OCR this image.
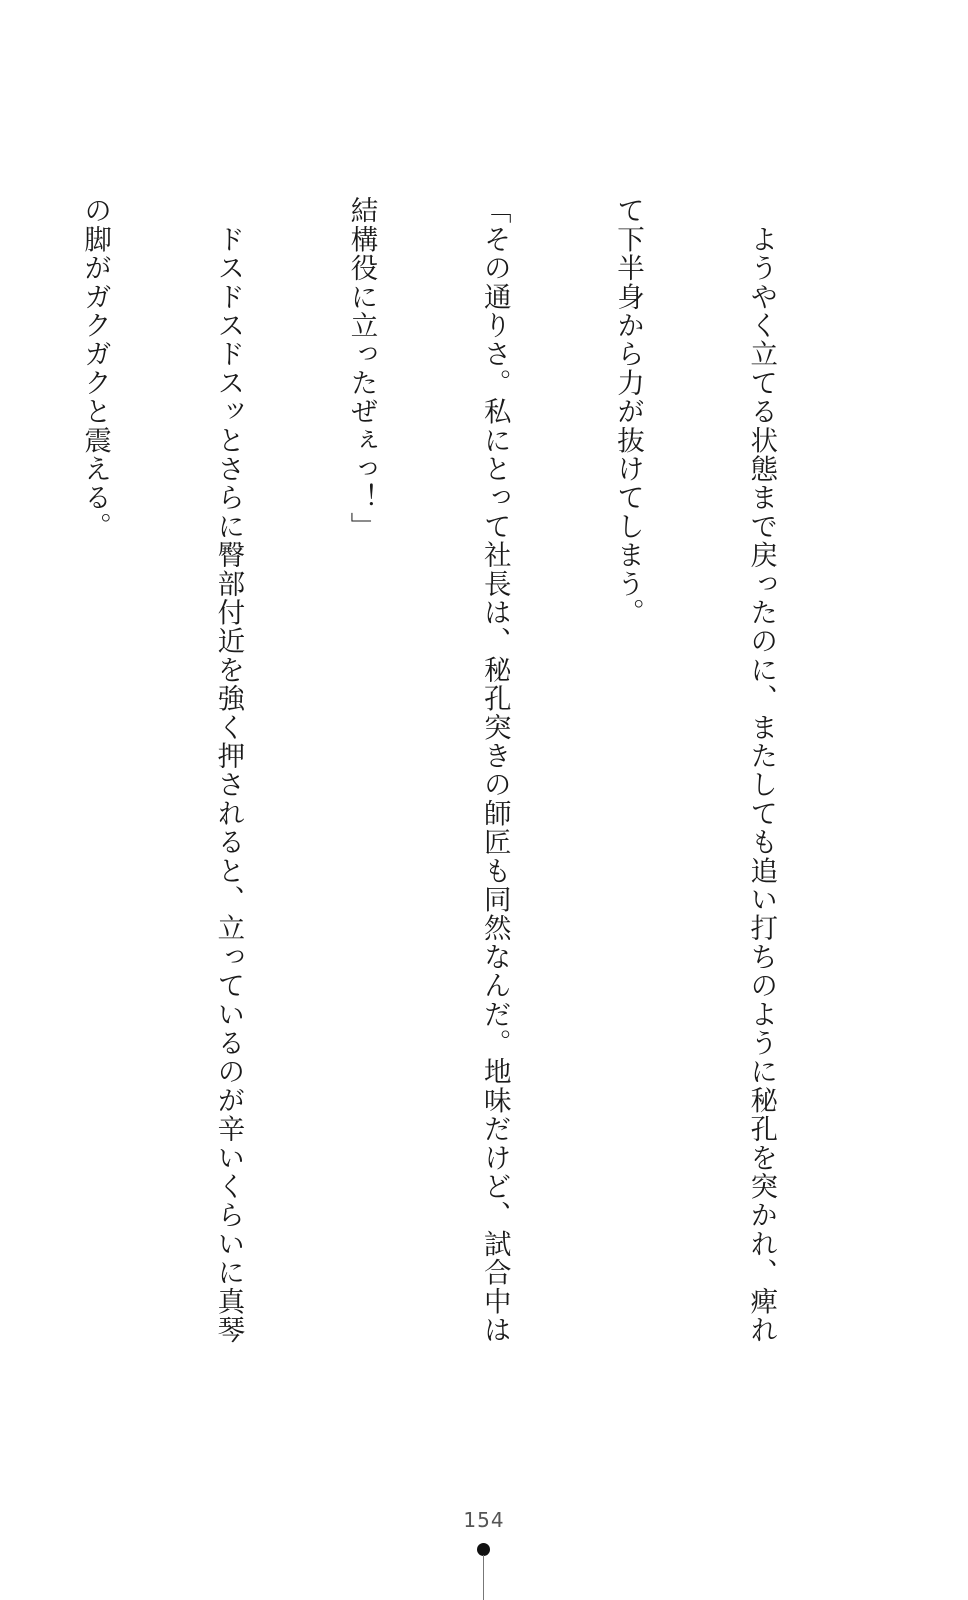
　ようやく立てる状態まで戻ったのに、またしても追い打ちのように秘孔を突かれ、痺れ

て下半身から力が抜けてしまう。

「その通りさ。私にとって社長は、秘孔突きの師匠も同然なんだ。地味だけど、試合中は

結構役に立ったぜぇっ！」

　ドスドスドスッとさらに臀部付近を強く押されると、立っているのが辛いくらいに真琴

の脚がガクガクと震える。

154
